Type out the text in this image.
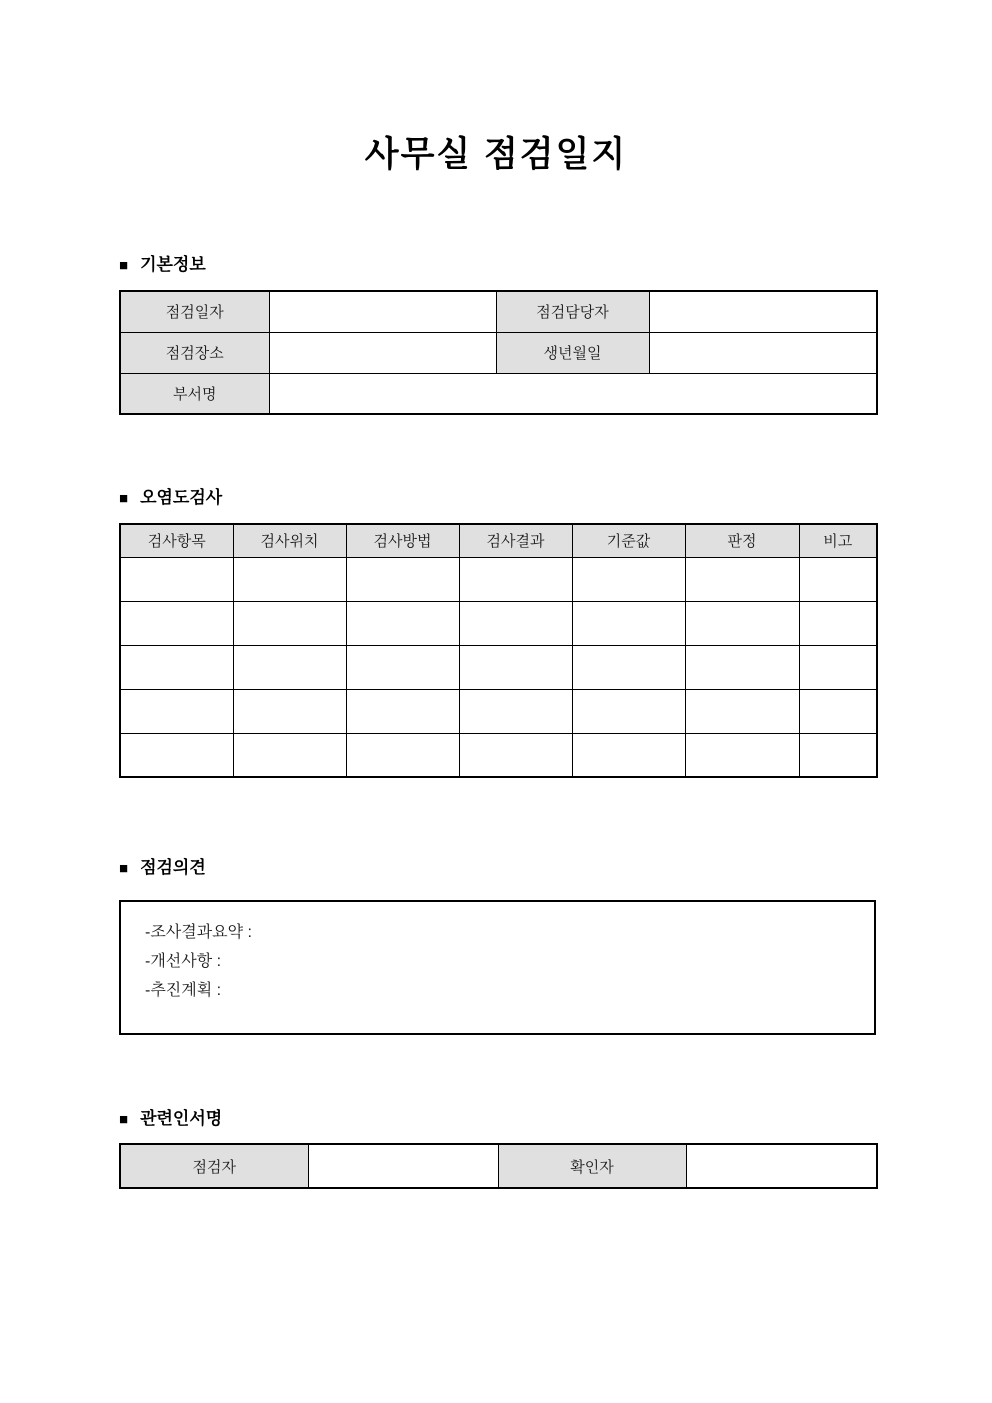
사무실 점검일지
■ 기본정보
점검일자		점검담당자	
점검장소		생년월일	
부서명			
■ 오염도검사
검사항목	검사위치	검사방법	검사결과	기준값	판정	비고

■ 점검의견
-조사결과요약 :
-개선사항 :
-추진계획 :
■ 관련인서명
점검자		확인자	
